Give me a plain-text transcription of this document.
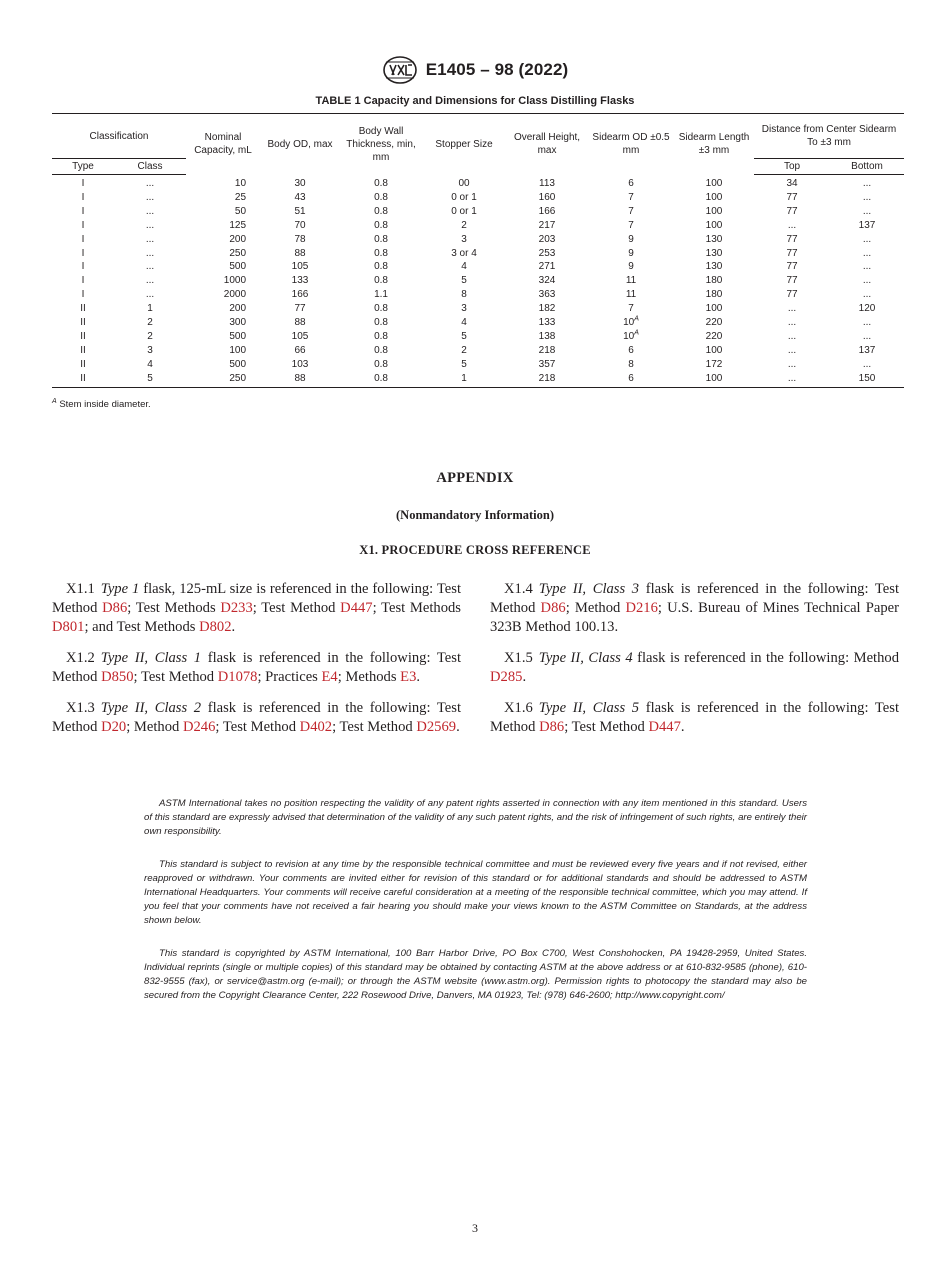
E1405 – 98 (2022)
TABLE 1 Capacity and Dimensions for Class Distilling Flasks
Classification		Nominal Capacity, mL	Body OD, max	Body Wall Thickness, min, mm	Stopper Size	Overall Height, max	Sidearm OD ±0.5 mm	Sidearm Length ±3 mm	Distance from Center Sidearm To ±3 mm	
Type	Class								Top	Bottom
I	...	10	30	0.8	00	113	6	100	34	...
I	...	25	43	0.8	0 or 1	160	7	100	77	...
I	...	50	51	0.8	0 or 1	166	7	100	77	...
I	...	125	70	0.8	2	217	7	100	...	137
I	...	200	78	0.8	3	203	9	130	77	...
I	...	250	88	0.8	3 or 4	253	9	130	77	...
I	...	500	105	0.8	4	271	9	130	77	...
I	...	1000	133	0.8	5	324	11	180	77	...
I	...	2000	166	1.1	8	363	11	180	77	...
II	1	200	77	0.8	3	182	7	100	...	120
II	2	300	88	0.8	4	133	$10^A$	220	...	...
II	2	500	105	0.8	5	138	$10^A$	220	...	...
II	3	100	66	0.8	2	218	6	100	...	137
II	4	500	103	0.8	5	357	8	172	...	...
II	5	250	88	0.8	1	218	6	100	...	150
$^A$ Stem inside diameter.
APPENDIX
(Nonmandatory Information)
X1. PROCEDURE CROSS REFERENCE

X1.1 Type 1 flask, 125-mL size is referenced in the following: Test Method D86; Test Methods D233; Test Method D447; Test Methods D801; and Test Methods D802.

X1.2 Type II, Class 1 flask is referenced in the following: Test Method D850; Test Method D1078; Practices E4; Methods E3.

X1.3 Type II, Class 2 flask is referenced in the following: Test Method D20; Method D246; Test Method D402; Test Method D2569.

X1.4 Type II, Class 3 flask is referenced in the following: Test Method D86; Method D216; U.S. Bureau of Mines Technical Paper 323B Method 100.13.

X1.5 Type II, Class 4 flask is referenced in the following: Method D285.

X1.6 Type II, Class 5 flask is referenced in the following: Test Method D86; Test Method D447.

ASTM International takes no position respecting the validity of any patent rights asserted in connection with any item mentioned in this standard. Users of this standard are expressly advised that determination of the validity of any such patent rights, and the risk of infringement of such rights, are entirely their own responsibility.

This standard is subject to revision at any time by the responsible technical committee and must be reviewed every five years and if not revised, either reapproved or withdrawn. Your comments are invited either for revision of this standard or for additional standards and should be addressed to ASTM International Headquarters. Your comments will receive careful consideration at a meeting of the responsible technical committee, which you may attend. If you feel that your comments have not received a fair hearing you should make your views known to the ASTM Committee on Standards, at the address shown below.

This standard is copyrighted by ASTM International, 100 Barr Harbor Drive, PO Box C700, West Conshohocken, PA 19428-2959, United States. Individual reprints (single or multiple copies) of this standard may be obtained by contacting ASTM at the above address or at 610-832-9585 (phone), 610-832-9555 (fax), or service@astm.org (e-mail); or through the ASTM website (www.astm.org). Permission rights to photocopy the standard may also be secured from the Copyright Clearance Center, 222 Rosewood Drive, Danvers, MA 01923, Tel: (978) 646-2600; http://www.copyright.com/

3
